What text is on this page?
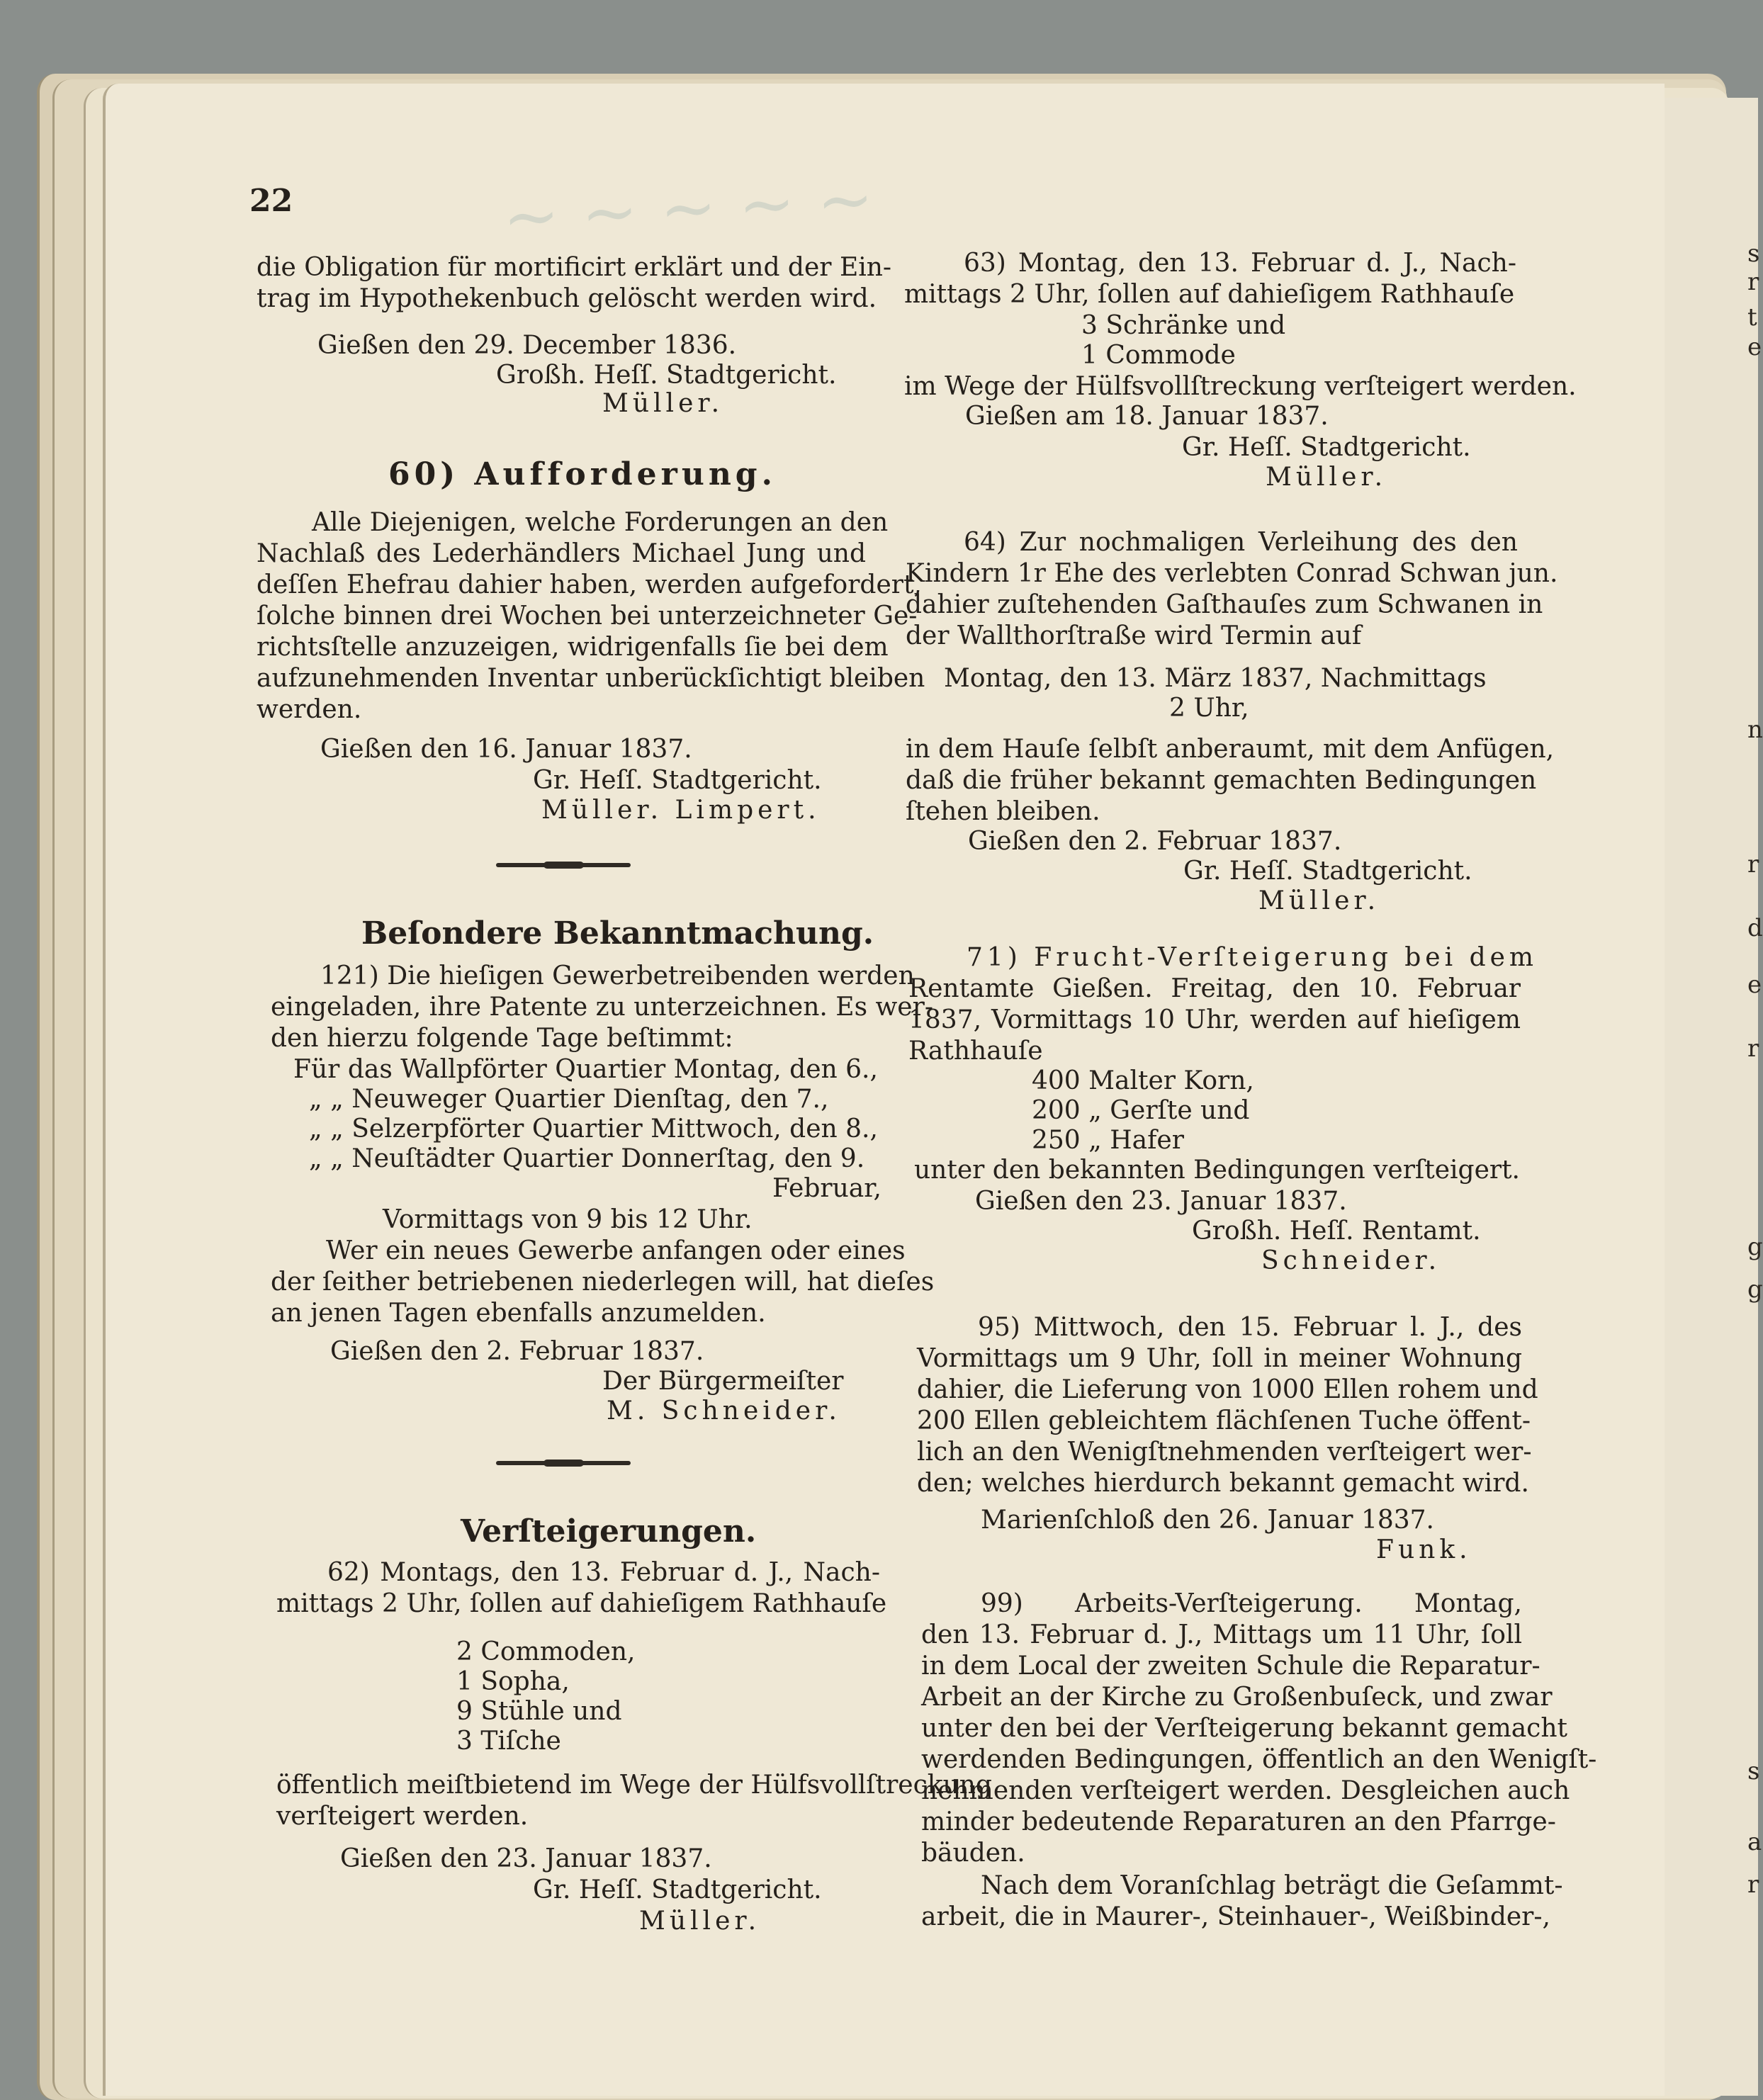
~ ~ ~ ~ ~	s
r
t
e
n
r
d
e
r
g
g
s
a
r
22
die Obligation für mortificirt erklärt und der Ein-
trag im Hypothekenbuch gelöscht werden wird.
Gießen den 29. December 1836.
Großh. Heſſ. Stadtgericht.
Müller.
60) Aufforderung.
Alle Diejenigen, welche Forderungen an den
Nachlaß des Lederhändlers Michael Jung und
deſſen Ehefrau dahier haben, werden aufgefordert,
ſolche binnen drei Wochen bei unterzeichneter Ge-
richtsſtelle anzuzeigen, widrigenfalls ſie bei dem
aufzunehmenden Inventar unberückſichtigt bleiben
werden.
Gießen den 16. Januar 1837.
Gr. Heſſ. Stadtgericht.
Müller. Limpert.
Beſondere Bekanntmachung.
121) Die hieſigen Gewerbetreibenden werden
eingeladen, ihre Patente zu unterzeichnen. Es wer-
den hierzu folgende Tage beſtimmt:
Für das Wallpförter Quartier Montag, den 6.,
„ „ Neuweger Quartier Dienſtag, den 7.,
„ „ Selzerpförter Quartier Mittwoch, den 8.,
„ „ Neuſtädter Quartier Donnerſtag, den 9.
Februar,
Vormittags von 9 bis 12 Uhr.
Wer ein neues Gewerbe anfangen oder eines
der ſeither betriebenen niederlegen will, hat dieſes
an jenen Tagen ebenfalls anzumelden.
Gießen den 2. Februar 1837.
Der Bürgermeiſter
M. Schneider.
Verſteigerungen.
62) Montags, den 13. Februar d. J., Nach-
mittags 2 Uhr, ſollen auf dahieſigem Rathhauſe
2 Commoden,
1 Sopha,
9 Stühle und
3 Tiſche
öffentlich meiſtbietend im Wege der Hülfsvollſtreckung
verſteigert werden.
Gießen den 23. Januar 1837.
Gr. Heſſ. Stadtgericht.
Müller.
63) Montag, den 13. Februar d. J., Nach-
mittags 2 Uhr, ſollen auf dahieſigem Rathhauſe
3 Schränke und
1 Commode
im Wege der Hülfsvollſtreckung verſteigert werden.
Gießen am 18. Januar 1837.
Gr. Heſſ. Stadtgericht.
Müller.
64) Zur nochmaligen Verleihung des den
Kindern 1r Ehe des verlebten Conrad Schwan jun.
dahier zuſtehenden Gaſthauſes zum Schwanen in
der Wallthorſtraße wird Termin auf
Montag, den 13. März 1837, Nachmittags
2 Uhr,
in dem Hauſe ſelbſt anberaumt, mit dem Anfügen,
daß die früher bekannt gemachten Bedingungen
ſtehen bleiben.
Gießen den 2. Februar 1837.
Gr. Heſſ. Stadtgericht.
Müller.
71) Frucht-Verſteigerung bei dem
Rentamte Gießen. Freitag, den 10. Februar
1837, Vormittags 10 Uhr, werden auf hieſigem
Rathhauſe
400 Malter Korn,
200 „ Gerſte und
250 „ Hafer
unter den bekannten Bedingungen verſteigert.
Gießen den 23. Januar 1837.
Großh. Heſſ. Rentamt.
Schneider.
95) Mittwoch, den 15. Februar l. J., des
Vormittags um 9 Uhr, ſoll in meiner Wohnung
dahier, die Lieferung von 1000 Ellen rohem und
200 Ellen gebleichtem flächſenen Tuche öffent-
lich an den Wenigſtnehmenden verſteigert wer-
den; welches hierdurch bekannt gemacht wird.
Marienſchloß den 26. Januar 1837.
Funk.
99) Arbeits-Verſteigerung. Montag,
den 13. Februar d. J., Mittags um 11 Uhr, ſoll
in dem Local der zweiten Schule die Reparatur-
Arbeit an der Kirche zu Großenbuſeck, und zwar
unter den bei der Verſteigerung bekannt gemacht
werdenden Bedingungen, öffentlich an den Wenigſt-
nehmenden verſteigert werden. Desgleichen auch
minder bedeutende Reparaturen an den Pfarrge-
bäuden.
Nach dem Voranſchlag beträgt die Geſammt-
arbeit, die in Maurer-, Steinhauer-, Weißbinder-,
